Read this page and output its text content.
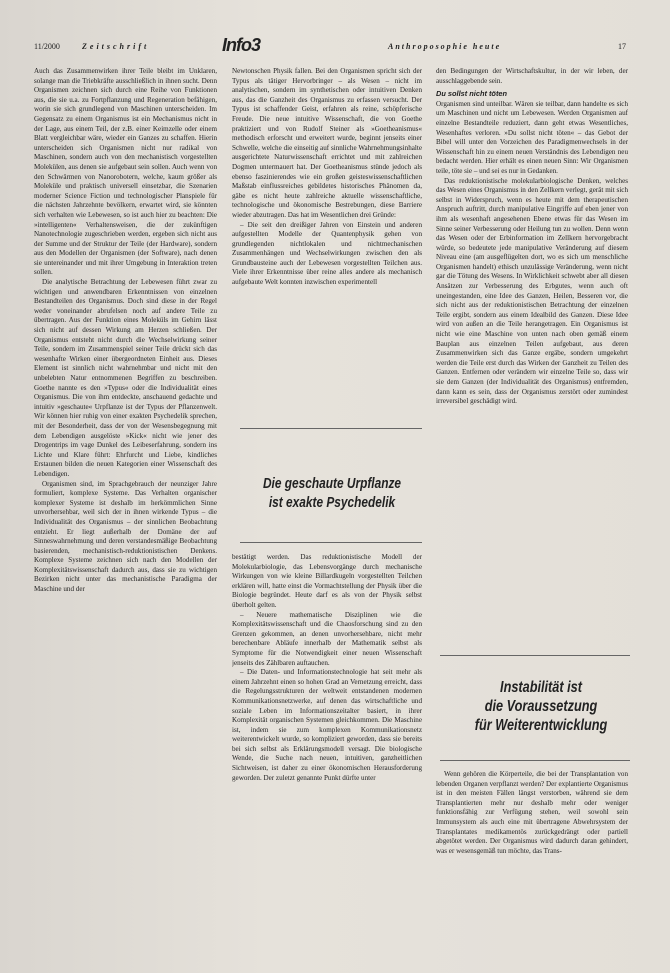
11/2000	Zeitschrift	Info3	Anthroposophie heute	17

Auch das Zusammenwirken ihrer Teile bleibt im Unklaren, solange man die Triebkräfte ausschließlich in ihnen sucht. Denn Organismen zeichnen sich durch eine Reihe von Funktionen aus, die sie u.a. zu Fortpflanzung und Regeneration befähigen, worin sie sich grundlegend von Maschinen unterscheiden. Im Gegensatz zu einem Organismus ist ein Mechanismus nicht in der Lage, aus einem Teil, der z.B. einer Keimzelle oder einem Blatt vergleichbar wäre, wieder ein Ganzes zu schaffen. Hierin unterscheiden sich Organismen nicht nur radikal von Maschinen, sondern auch von den mechanistisch vorgestellten Molekülen, aus denen sie aufgebaut sein sollen. Auch wenn von den Schwärmen von Nanorobotern, welche, kaum größer als Moleküle und praktisch universell einsetzbar, die Szenarien moderner Science Fiction und technologischer Planspiele für die nächsten Jahrzehnte bevölkern, erwartet wird, sie könnten sich verhalten wie Lebewesen, so ist auch hier zu beachten: Die »intelligenten« Verhaltensweisen, die der zukünftigen Nanotechnologie zugeschrieben werden, ergeben sich nicht aus der Summe und der Struktur der Teile (der Hardware), sondern aus den Modellen der Organismen (der Software), nach denen sie untereinander und mit ihrer Umgebung in Interaktion treten sollen.

Die analytische Betrachtung der Lebewesen führt zwar zu wichtigen und anwendbaren Erkenntnissen von einzelnen Bestandteilen des Organismus. Doch sind diese in der Regel weder voneinander abrufelsen noch auf andere Teile zu übertragen. Aus der Funktion eines Moleküls im Gehirn lässt sich nicht auf dessen Wirkung am Herzen schließen. Der Organismus entsteht nicht durch die Wechselwirkung seiner Teile, sondern im Zusammenspiel seiner Teile drückt sich das wesenhafte Wirken einer übergeordneten Einheit aus. Dieses Element ist sinnlich nicht wahrnehmbar und nicht mit den unbelebten Natur entnommenen Begriffen zu beschreiben. Goethe nannte es den »Typus« oder die Individualität eines Organismus. Die von ihm entdeckte, anschauend gedachte und intuitiv »geschaute« Urpflanze ist der Typus der Pflanzenwelt. Wir können hier ruhig von einer exakten Psychedelik sprechen, mit der Besonderheit, dass der von der Wesensbegegnung mit dem Lebendigen ausgelöste »Kick« nicht wie jener des Drogentrips im vage Dunkel des Leibeserfahrung, sondern ins Lichte und Klare führt: Ehrfurcht und Liebe, kindliches Erstaunen bilden die neuen Kategorien einer Wissenschaft des Lebendigen.

Organismen sind, im Sprachgebrauch der neunziger Jahre formuliert, komplexe Systeme. Das Verhalten organischer komplexer Systeme ist deshalb im herkömmlichen Sinne unvorhersehbar, weil sich der in ihnen wirkende Typus – die Individualität des Organismus – der sinnlichen Beobachtung entzieht. Er liegt außerhalb der Domäne der auf Sinneswahrnehmung und deren verstandesmäßige Beobachtung basierenden, mechanistisch-reduktionistischen Denkens. Komplexe Systeme zeichnen sich nach den Modellen der Komplexitätswissenschaft dadurch aus, dass sie zu wichtigen Bezirken nicht unter das mechanistische Paradigma der Maschine und der

Newtonschen Physik fallen. Bei den Organismen spricht sich der Typus als tätiger Hervorbringer – als Wesen – nicht im analytischen, sondern im synthetischen oder intuitiven Denken aus, das die Ganzheit des Organismus zu erfassen versucht. Der Typus ist schaffender Geist, erfahren als reine, schöpferische Freude. Die neue intuitive Wissenschaft, die von Goethe praktiziert und von Rudolf Steiner als »Goetheanismus« methodisch erforscht und erweitert wurde, beginnt jenseits einer Schwelle, welche die einseitig auf sinnliche Wahrnehmungsinhalte ausgerichtete Naturwissenschaft errichtet und mit zahlreichen Dogmen untermauert hat. Der Goetheanismus stünde jedoch als ebenso faszinierendes wie ein großen geisteswissenschaftlichen Maßstab einflussreiches gebildetes historisches Phänomen da, gäbe es nicht heute zahlreiche aktuelle wissenschaftliche, technologische und ökonomische Bestrebungen, diese Barriere wieder abzutragen. Das hat im Wesentlichen drei Gründe:

– Die seit den dreißiger Jahren von Einstein und anderen aufgestellten Modelle der Quantenphysik gehen von grundlegenden nichtlokalen und nichtmechanischen Zusammenhängen und Wechselwirkungen zwischen den als Grundbausteine auch der Lebewesen vorgestellten Teilchen aus. Viele ihrer Erkenntnisse über reine alles andere als mechanisch aufgebaute Welt konnten inzwischen experimentell

Die geschaute Urpflanze
ist exakte Psychedelik

bestätigt werden. Das reduktionistische Modell der Molekularbiologie, das Lebensvorgänge durch mechanische Wirkungen von wie kleine Billardkugeln vorgestellten Teilchen erklären will, hatte einst die Vormachtstellung der Physik über die Biologie begründet. Heute darf es als von der Physik selbst überholt gelten.

– Neuere mathematische Disziplinen wie die Komplexitätswissenschaft und die Chaosforschung sind zu den Grenzen gekommen, an denen unvorhersehbare, nicht mehr berechenbare Abläufe innerhalb der Mathematik selbst als Symptome für die Notwendigkeit einer neuen Wissenschaft jenseits des Zählbaren auftauchen.

– Die Daten- und Informationstechnologie hat seit mehr als einem Jahrzehnt einen so hohen Grad an Vernetzung erreicht, dass die Regelungsstrukturen der weltweit entstandenen modernen Kommunikationsnetzwerke, auf denen das wirtschaftliche und soziale Leben im Informationszeitalter basiert, in ihrer Komplexität organischen Systemen gleichkommen. Die Maschine ist, indem sie zum komplexen Kommunikationsnetz weiterentwickelt wurde, so kompliziert geworden, dass sie bereits bei sich selbst als Erklärungsmodell versagt. Die biologische Wende, die Suche nach neuen, intuitiven, ganzheitlichen Sichtweisen, ist daher zu einer ökonomischen Herausforderung geworden. Der zuletzt genannte Punkt dürfte unter

den Bedingungen der Wirtschaftskultur, in der wir leben, der ausschlaggebende sein.

Du sollst nicht töten

Organismen sind unteilbar. Wären sie teilbar, dann handelte es sich um Maschinen und nicht um Lebewesen. Werden Organismen auf einzelne Bestandteile reduziert, dann geht etwas Wesentliches, Wesenhaftes verloren. »Du sollst nicht töten« – das Gebot der Bibel will unter den Vorzeichen des Paradigmenwechsels in der Wissenschaft hin zu einem neuen Verständnis des Lebendigen neu bedacht werden. Hier erhält es einen neuen Sinn: Wir Organismen teile, töte sie – und sei es nur in Gedanken.

Das reduktionistische molekularbiologische Denken, welches das Wesen eines Organismus in den Zellkern verlegt, gerät mit sich selbst in Widerspruch, wenn es heute mit dem therapeutischen Anspruch auftritt, durch manipulative Eingriffe auf eben jener von ihm als wesenhaft angesehenen Ebene etwas für das Wesen im Sinne seiner Verbesserung oder Heilung tun zu wollen. Denn wenn das Wesen oder der Erbinformation im Zellkern hervorgebracht würde, so bedeutete jede manipulative Veränderung auf diesem Niveau eine (am ausgeflügelten dort, wo es sich um menschliche Organismen handelt) ethisch unzulässige Veränderung, wenn nicht gar die Tötung des Wesens. In Wirklichkeit schwebt aber all diesen Ansätzen zur Verbesserung des Erbgutes, wenn auch oft uneingestanden, eine Idee des Ganzen, Heilen, Besseren vor, die sich nicht aus der reduktionistischen Betrachtung der einzelnen Teile ergibt, sondern aus einem Idealbild des Ganzen. Diese Idee wird von außen an die Teile herangetragen. Ein Organismus ist nicht wie eine Maschine von unten nach oben gemäß einem Bauplan aus einzelnen Teilen aufgebaut, aus deren Zusammenwirken sich das Ganze ergäbe, sondern umgekehrt werden die Teile erst durch das Wirken der Ganzheit zu Teilen des Ganzen. Entfernen oder verändern wir einzelne Teile so, dass wir sie dem Ganzen (der Individualität des Organismus) entfremden, dann kann es sein, dass der Organismus zerstört oder zumindest irreversibel geschädigt wird.

Instabilität ist
die Voraussetzung
für Weiterentwicklung

Wenn gehören die Körperteile, die bei der Transplantation von lebenden Organen verpflanzt werden? Der explantierte Organismus ist in den meisten Fällen längst verstorben, während sie dem Transplantierten mehr nur deshalb mehr oder weniger funktionsfähig zur Verfügung stehen, weil sowohl sein Immunsystem als auch eine mit übertragene Abwehrsystem der Transplantates medikamentös zurückgedrängt oder partiell abgetötet werden. Der Organismus wird dadurch daran gehindert, was er wesensgemäß tun möchte, das Trans-
